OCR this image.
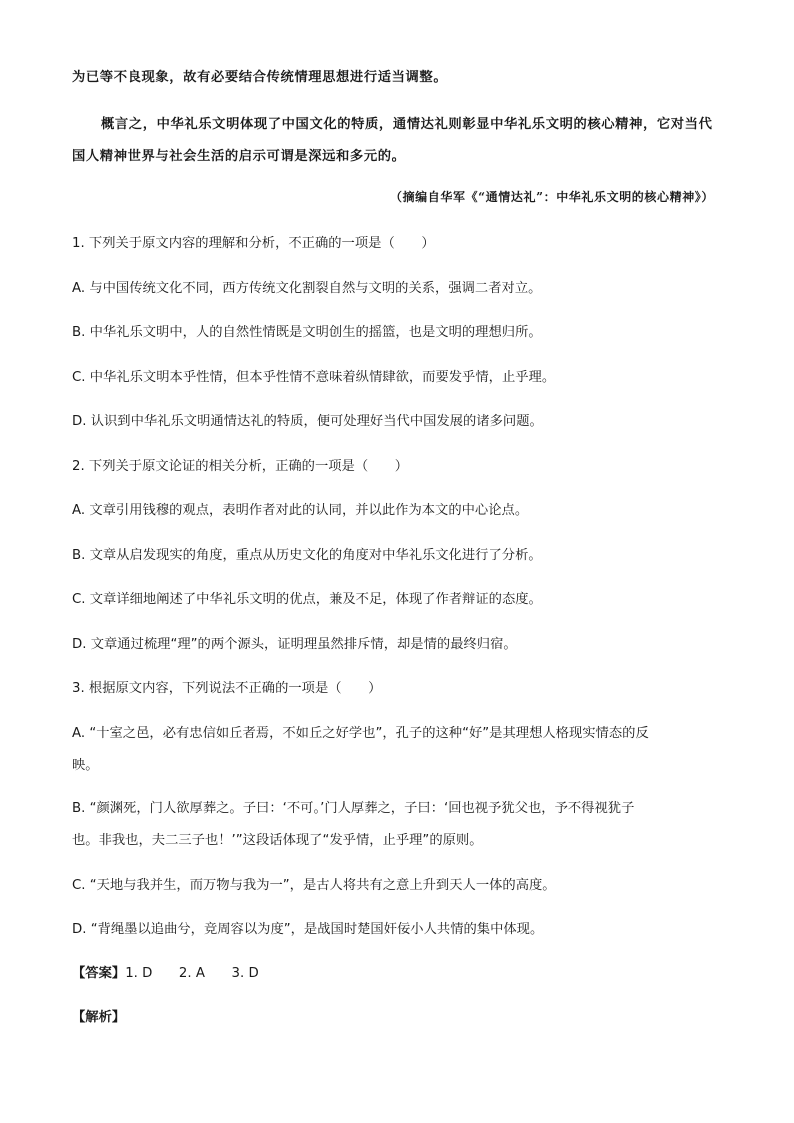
为已等不良现象，故有必要结合传统情理思想进行适当调整。
概言之，中华礼乐文明体现了中国文化的特质，通情达礼则彰显中华礼乐文明的核心精神，它对当代
国人精神世界与社会生活的启示可谓是深远和多元的。
（摘编自华军《“通情达礼”：中华礼乐文明的核心精神》）
1. 下列关于原文内容的理解和分析，不正确的一项是（　　）
A. 与中国传统文化不同，西方传统文化割裂自然与文明的关系，强调二者对立。
B. 中华礼乐文明中，人的自然性情既是文明创生的摇篮，也是文明的理想归所。
C. 中华礼乐文明本乎性情，但本乎性情不意味着纵情肆欲，而要发乎情，止乎理。
D. 认识到中华礼乐文明通情达礼的特质，便可处理好当代中国发展的诸多问题。
2. 下列关于原文论证的相关分析，正确的一项是（　　）
A. 文章引用钱穆的观点，表明作者对此的认同，并以此作为本文的中心论点。
B. 文章从启发现实的角度，重点从历史文化的角度对中华礼乐文化进行了分析。
C. 文章详细地阐述了中华礼乐文明的优点，兼及不足，体现了作者辩证的态度。
D. 文章通过梳理“理”的两个源头，证明理虽然排斥情，却是情的最终归宿。
3. 根据原文内容，下列说法不正确的一项是（　　）
A. “十室之邑，必有忠信如丘者焉，不如丘之好学也”，孔子的这种“好”是其理想人格现实情态的反
映。
B. “颜渊死，门人欲厚葬之。子曰：‘不可。’门人厚葬之，子曰：‘回也视予犹父也，予不得视犹子
也。非我也，夫二三子也！’”这段话体现了“发乎情，止乎理”的原则。
C. “天地与我并生，而万物与我为一”，是古人将共有之意上升到天人一体的高度。
D. “背绳墨以追曲兮，竞周容以为度”，是战国时楚国奸佞小人共情的集中体现。
【答案】1. D　　2. A　　3. D
【解析】
